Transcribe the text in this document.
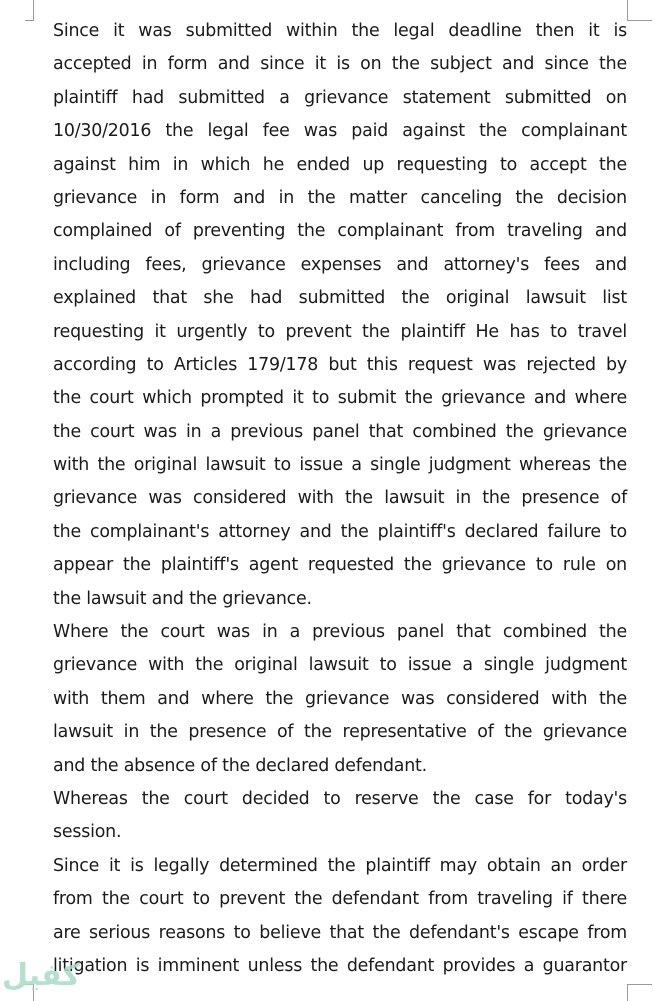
Since it was submitted within the legal deadline then it is
accepted in form and since it is on the subject and since the
plaintiff had submitted a grievance statement submitted on
10/30/2016 the legal fee was paid against the complainant
against him in which he ended up requesting to accept the
grievance in form and in the matter canceling the decision
complained of preventing the complainant from traveling and
including fees, grievance expenses and attorney's fees and
explained that she had submitted the original lawsuit list
requesting it urgently to prevent the plaintiff He has to travel
according to Articles 179/178 but this request was rejected by
the court which prompted it to submit the grievance and where
the court was in a previous panel that combined the grievance
with the original lawsuit to issue a single judgment whereas the
grievance was considered with the lawsuit in the presence of
the complainant's attorney and the plaintiff's declared failure to
appear the plaintiff's agent requested the grievance to rule on
the lawsuit and the grievance.
Where the court was in a previous panel that combined the
grievance with the original lawsuit to issue a single judgment
with them and where the grievance was considered with the
lawsuit in the presence of the representative of the grievance
and the absence of the declared defendant.
Whereas the court decided to reserve the case for today's
session.
Since it is legally determined the plaintiff may obtain an order
from the court to prevent the defendant from traveling if there
are serious reasons to believe that the defendant's escape from
litigation is imminent unless the defendant provides a guarantor
كفيل
